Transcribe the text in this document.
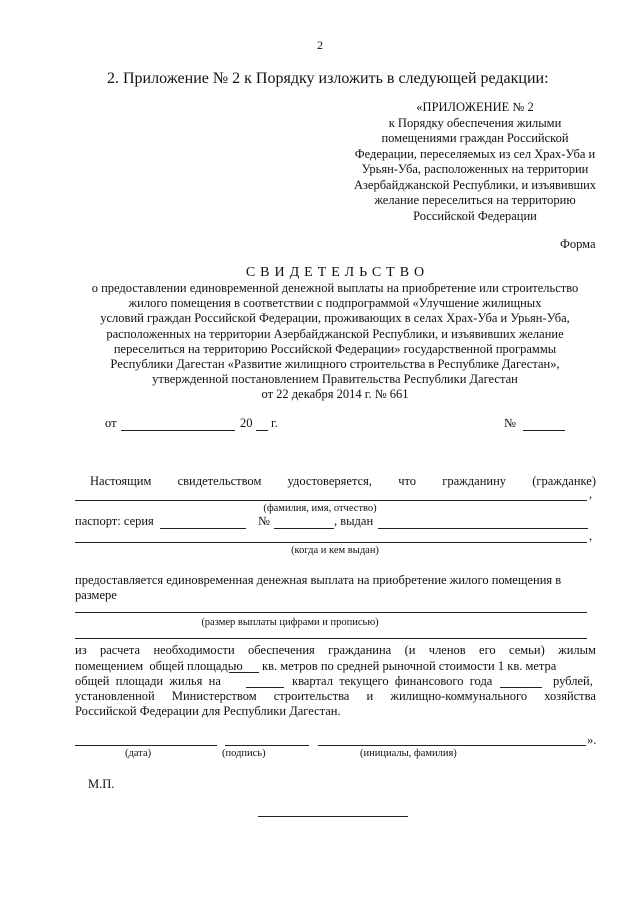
2
2. Приложение № 2 к Порядку изложить в следующей редакции:
«ПРИЛОЖЕНИЕ № 2
к Порядку обеспечения жилыми
помещениями граждан Российской
Федерации, переселяемых из сел Храх-Уба и
Урьян-Уба, расположенных на территории
Азербайджанской Республики, и изъявивших
желание переселиться на территорию
Российской Федерации
Форма
СВИДЕТЕЛЬСТВО
о предоставлении единовременной денежной выплаты на приобретение или строительство
жилого помещения в соответствии с подпрограммой «Улучшение жилищных
условий граждан Российской Федерации, проживающих в селах Храх-Уба и Урьян-Уба,
расположенных на территории Азербайджанской Республики, и изъявивших желание
переселиться на территорию Российской Федерации» государственной программы
Республики Дагестан «Развитие жилищного строительства в Республике Дагестан»,
утвержденной постановлением Правительства Республики Дагестан
от 22 декабря 2014 г. № 661
от	20 г.	№
Настоящим свидетельством удостоверяется, что гражданину (гражданке)
,
(фамилия, имя, отчество)
паспорт: серия	№	, выдан
,
(когда и кем выдан)
предоставляется единовременная денежная выплата на приобретение жилого помещения в
размере
(размер выплаты цифрами и прописью)
из расчета необходимости обеспечения гражданина (и членов его семьи) жилым
помещением  общей площадью кв. метров по средней рыночной стоимости 1 кв. метра
общей  площади  жилья  на	квартал  текущего  финансового  года	рублей,
установленной Министерством строительства и жилищно-коммунального хозяйства
Российской Федерации для Республики Дагестан.
».
(дата)	(подпись)	(инициалы, фамилия)
М.П.
